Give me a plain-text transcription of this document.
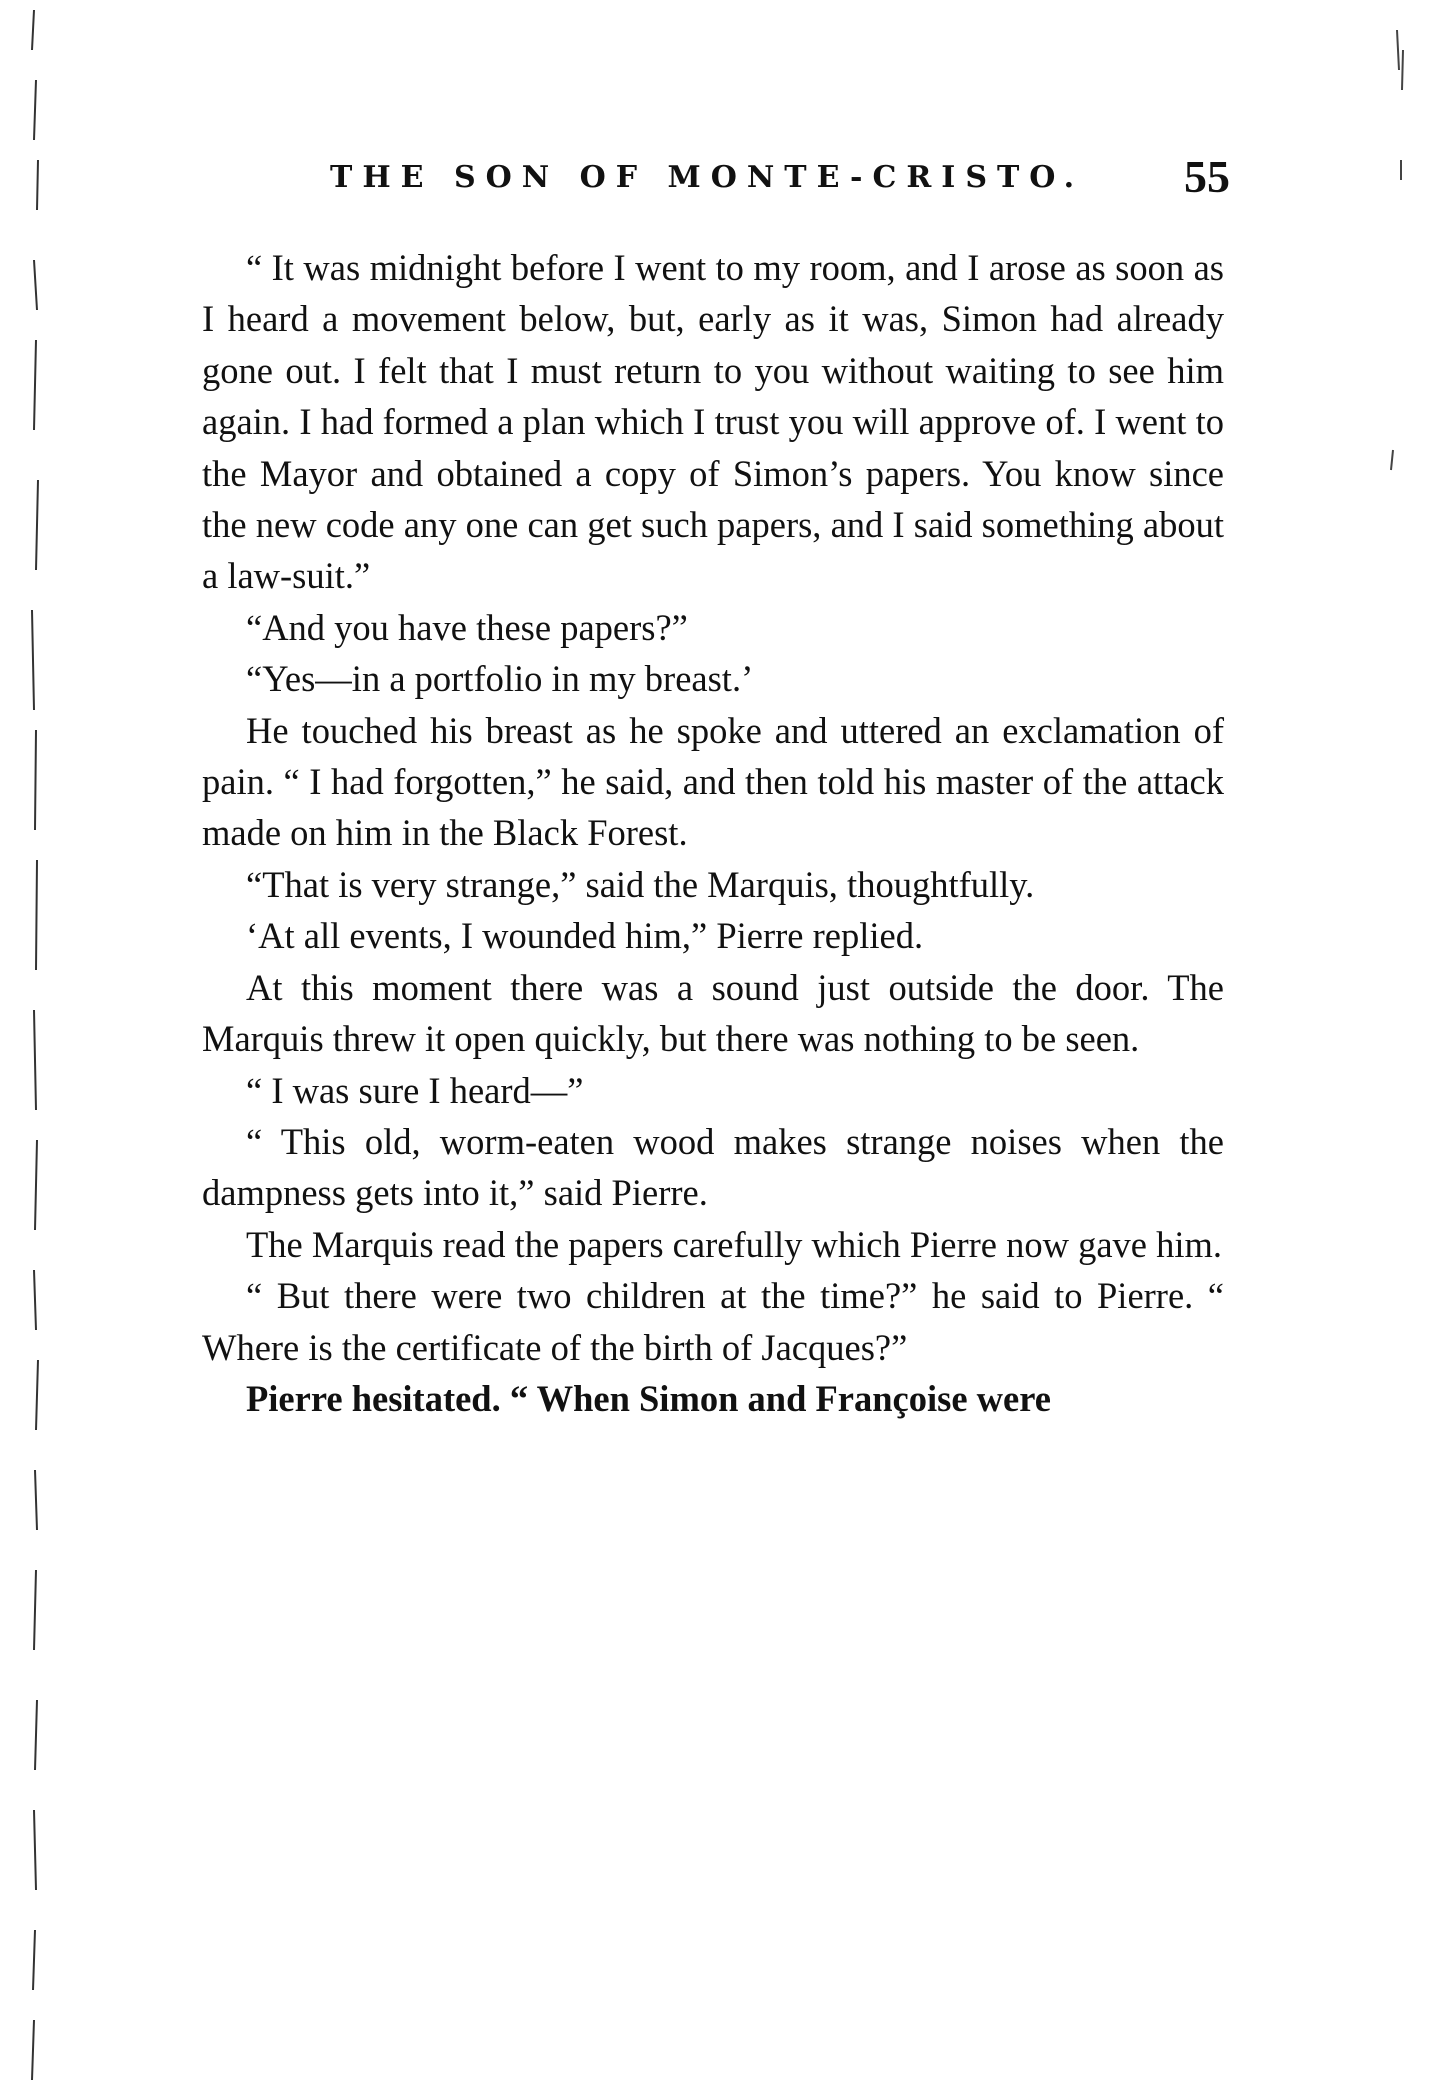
THE SON OF MONTE-CRISTO. 55

“ It was midnight before I went to my room, and I arose as soon as I heard a movement below, but, early as it was, Simon had already gone out. I felt that I must return to you without waiting to see him again. I had formed a plan which I trust you will approve of. I went to the Mayor and obtained a copy of Simon’s papers. You know since the new code any one can get such papers, and I said something about a law-suit.”

“And you have these papers?”

“Yes—in a portfolio in my breast.’

He touched his breast as he spoke and uttered an exclamation of pain. “ I had forgotten,” he said, and then told his master of the attack made on him in the Black Forest.

“That is very strange,” said the Marquis, thoughtfully.

‘At all events, I wounded him,” Pierre replied.

At this moment there was a sound just outside the door. The Marquis threw it open quickly, but there was nothing to be seen.

“ I was sure I heard—”

“ This old, worm-eaten wood makes strange noises when the dampness gets into it,” said Pierre.

The Marquis read the papers carefully which Pierre now gave him.

“ But there were two children at the time?” he said to Pierre. “ Where is the certificate of the birth of Jacques?”

Pierre hesitated. “ When Simon and Françoise were
